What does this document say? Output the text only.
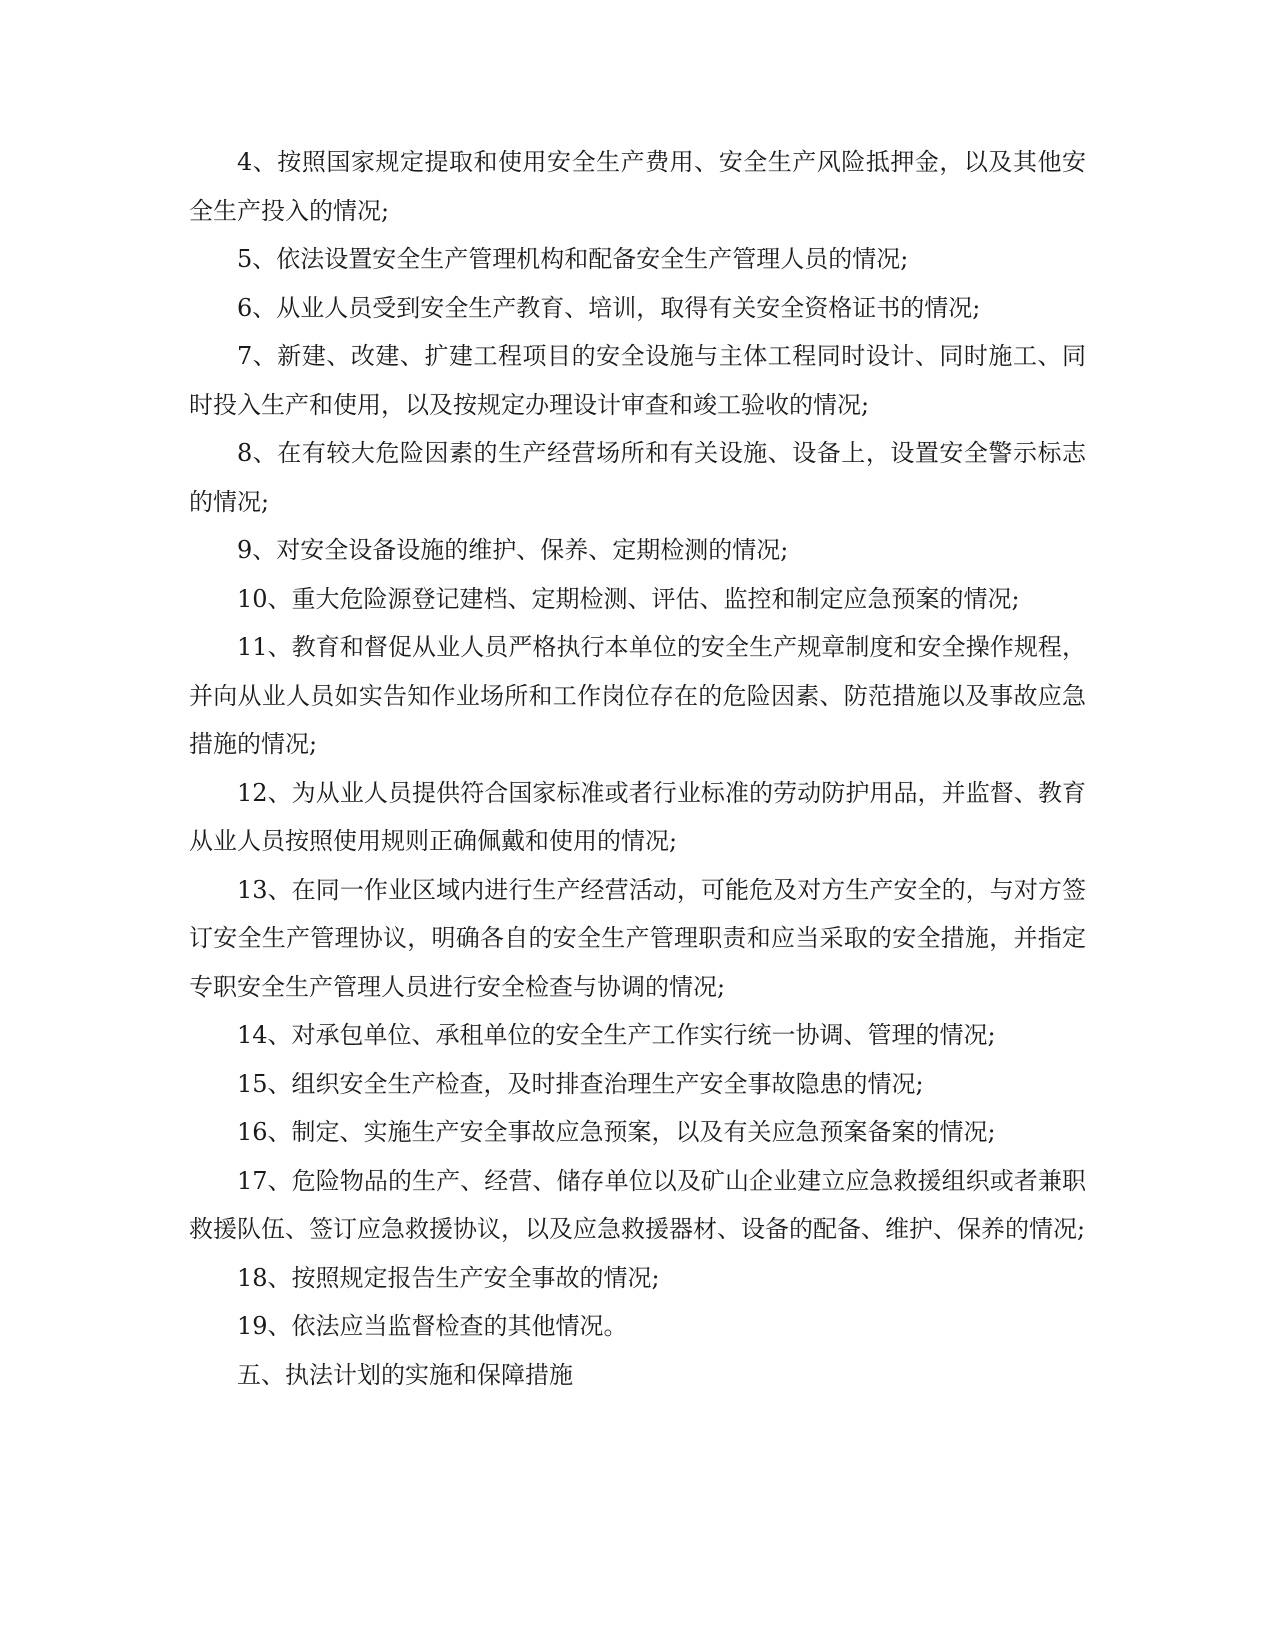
4、按照国家规定提取和使用安全生产费用、安全生产风险抵押金，以及其他安全生产投入的情况;

5、依法设置安全生产管理机构和配备安全生产管理人员的情况;

6、从业人员受到安全生产教育、培训，取得有关安全资格证书的情况;

7、新建、改建、扩建工程项目的安全设施与主体工程同时设计、同时施工、同时投入生产和使用，以及按规定办理设计审查和竣工验收的情况;

8、在有较大危险因素的生产经营场所和有关设施、设备上，设置安全警示标志的情况;

9、对安全设备设施的维护、保养、定期检测的情况;

10、重大危险源登记建档、定期检测、评估、监控和制定应急预案的情况;

11、教育和督促从业人员严格执行本单位的安全生产规章制度和安全操作规程，并向从业人员如实告知作业场所和工作岗位存在的危险因素、防范措施以及事故应急措施的情况;

12、为从业人员提供符合国家标准或者行业标准的劳动防护用品，并监督、教育从业人员按照使用规则正确佩戴和使用的情况;

13、在同一作业区域内进行生产经营活动，可能危及对方生产安全的，与对方签订安全生产管理协议，明确各自的安全生产管理职责和应当采取的安全措施，并指定专职安全生产管理人员进行安全检查与协调的情况;

14、对承包单位、承租单位的安全生产工作实行统一协调、管理的情况;

15、组织安全生产检查，及时排查治理生产安全事故隐患的情况;

16、制定、实施生产安全事故应急预案，以及有关应急预案备案的情况;

17、危险物品的生产、经营、储存单位以及矿山企业建立应急救援组织或者兼职救援队伍、签订应急救援协议，以及应急救援器材、设备的配备、维护、保养的情况;

18、按照规定报告生产安全事故的情况;

19、依法应当监督检查的其他情况。

五、执法计划的实施和保障措施
